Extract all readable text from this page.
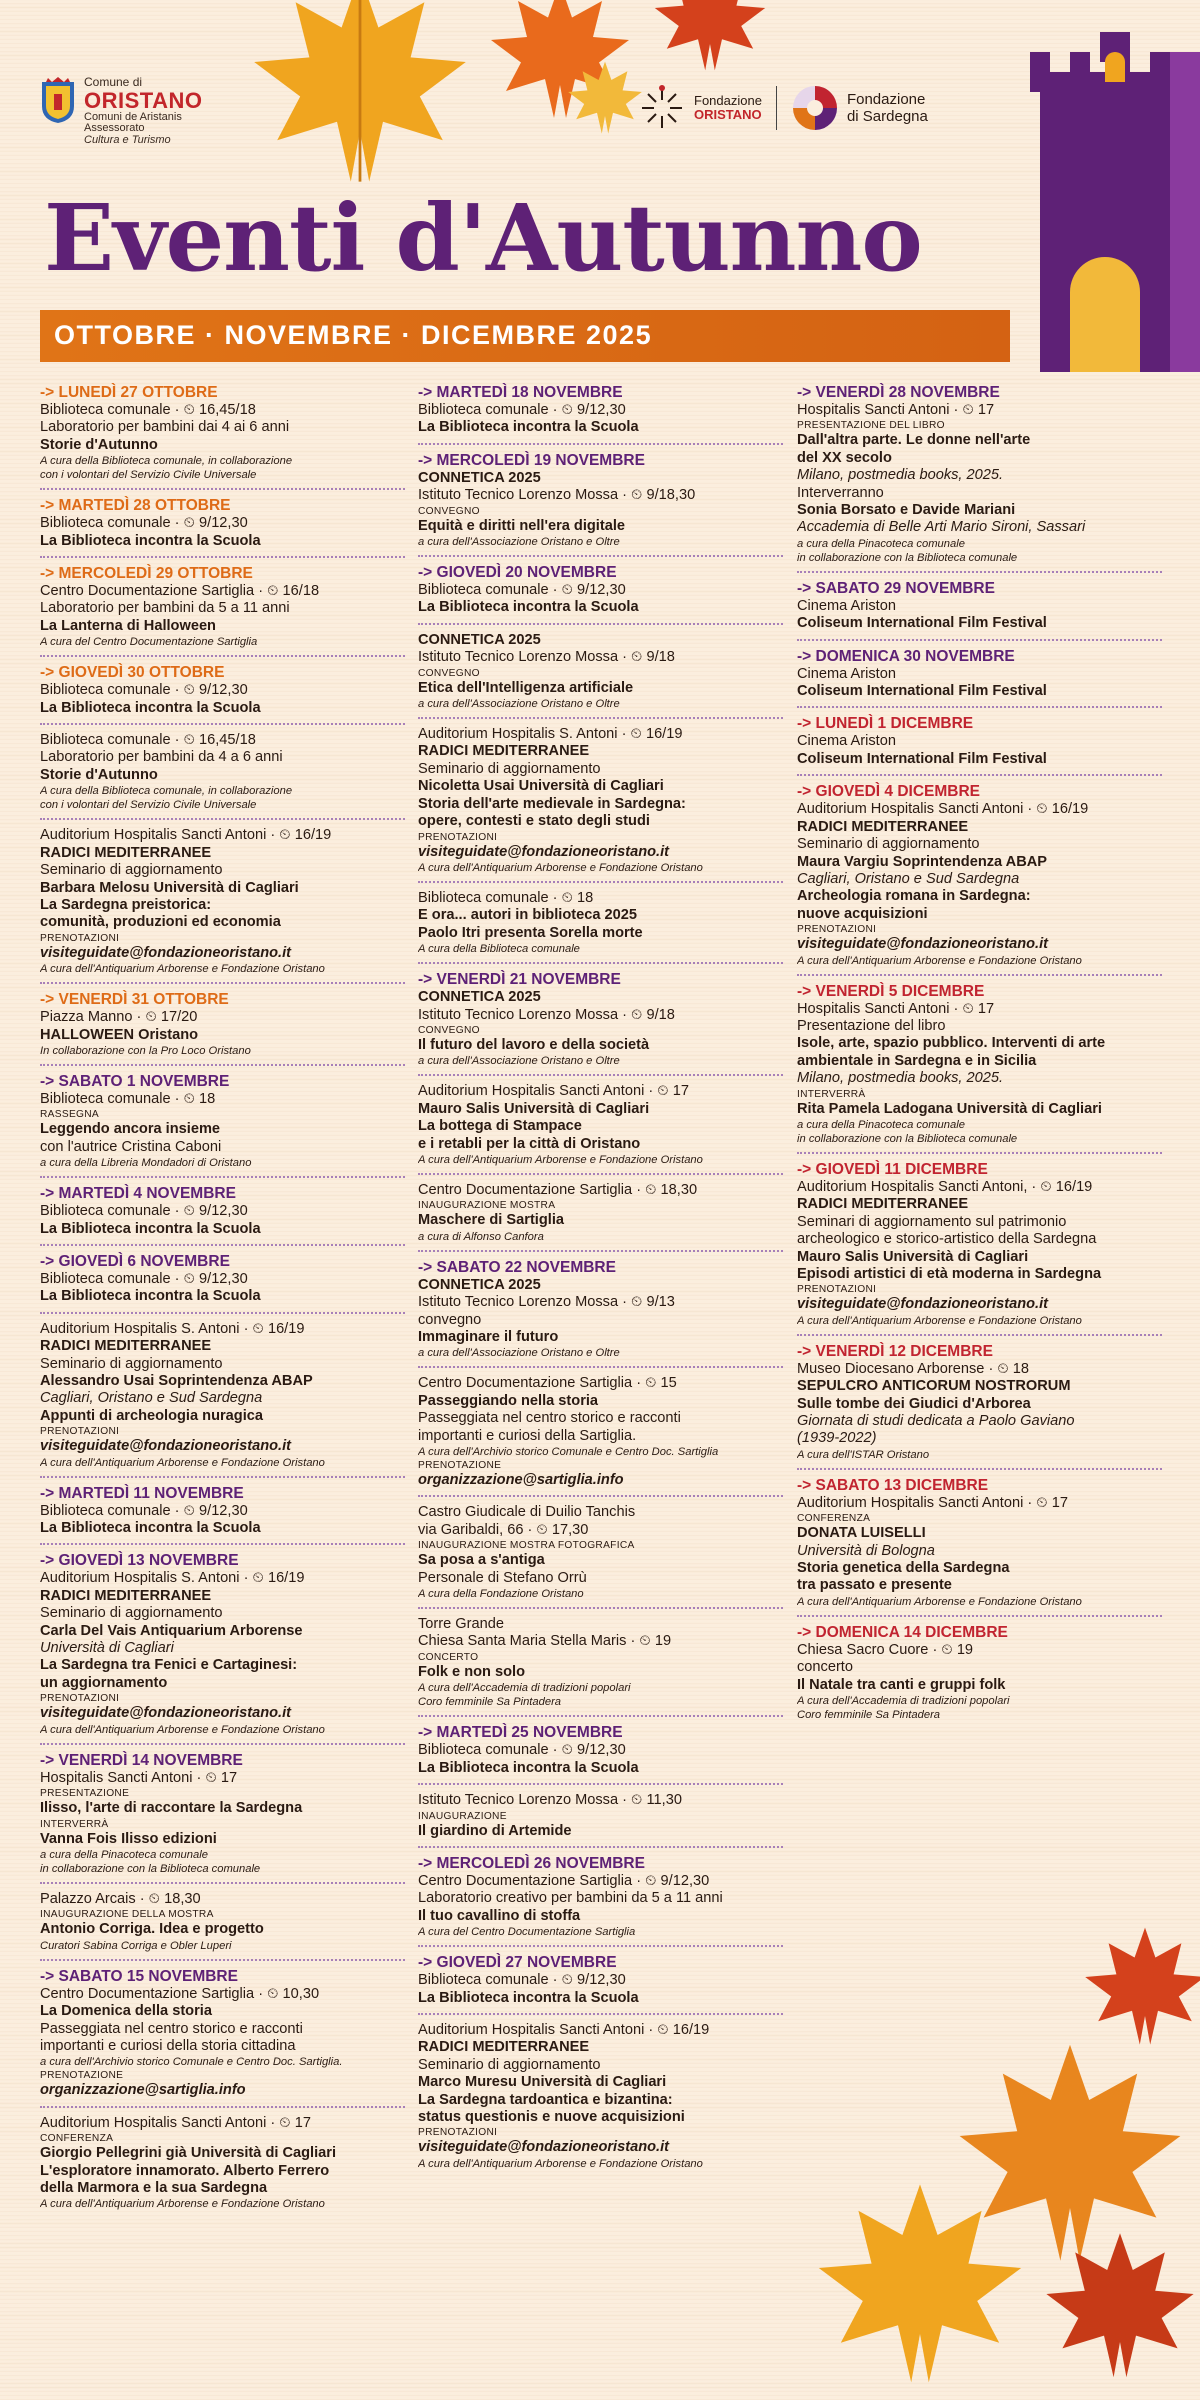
Comune di
ORISTANO
Comuni de Aristanis
Assessorato
Cultura e Turismo
Fondazione
ORISTANO
Fondazione
di Sardegna
Eventi d'Autunno
OTTOBRE · NOVEMBRE · DICEMBRE 2025
-> LUNEDÌ 27 OTTOBRE
Biblioteca comunale · ⏲ 16,45/18
Laboratorio per bambini dai 4 ai 6 anni
Storie d'Autunno
A cura della Biblioteca comunale, in collaborazione
con i volontari del Servizio Civile Universale
-> MARTEDÌ 28 OTTOBRE
Biblioteca comunale · ⏲ 9/12,30
La Biblioteca incontra la Scuola
-> MERCOLEDÌ 29 OTTOBRE
Centro Documentazione Sartiglia · ⏲ 16/18
Laboratorio per bambini da 5 a 11 anni
La Lanterna di Halloween
A cura del Centro Documentazione Sartiglia
-> GIOVEDÌ 30 OTTOBRE
Biblioteca comunale · ⏲ 9/12,30
La Biblioteca incontra la Scuola
Biblioteca comunale · ⏲ 16,45/18
Laboratorio per bambini da 4 a 6 anni
Storie d'Autunno
A cura della Biblioteca comunale, in collaborazione
con i volontari del Servizio Civile Universale
Auditorium Hospitalis Sancti Antoni · ⏲ 16/19
RADICI MEDITERRANEE
Seminario di aggiornamento
Barbara Melosu Università di Cagliari
La Sardegna preistorica:
comunità, produzioni ed economia
PRENOTAZIONI
visiteguidate@fondazioneoristano.it
A cura dell'Antiquarium Arborense e Fondazione Oristano
-> VENERDÌ 31 OTTOBRE
Piazza Manno · ⏲ 17/20
HALLOWEEN Oristano
In collaborazione con la Pro Loco Oristano
-> SABATO 1 NOVEMBRE
Biblioteca comunale · ⏲ 18
RASSEGNA
Leggendo ancora insieme
con l'autrice Cristina Caboni
a cura della Libreria Mondadori di Oristano
-> MARTEDÌ 4 NOVEMBRE
Biblioteca comunale · ⏲ 9/12,30
La Biblioteca incontra la Scuola
-> GIOVEDÌ 6 NOVEMBRE
Biblioteca comunale · ⏲ 9/12,30
La Biblioteca incontra la Scuola
Auditorium Hospitalis S. Antoni · ⏲ 16/19
RADICI MEDITERRANEE
Seminario di aggiornamento
Alessandro Usai Soprintendenza ABAP
Cagliari, Oristano e Sud Sardegna
Appunti di archeologia nuragica
PRENOTAZIONI
visiteguidate@fondazioneoristano.it
A cura dell'Antiquarium Arborense e Fondazione Oristano
-> MARTEDÌ 11 NOVEMBRE
Biblioteca comunale · ⏲ 9/12,30
La Biblioteca incontra la Scuola
-> GIOVEDÌ 13 NOVEMBRE
Auditorium Hospitalis S. Antoni · ⏲ 16/19
RADICI MEDITERRANEE
Seminario di aggiornamento
Carla Del Vais Antiquarium Arborense
Università di Cagliari
La Sardegna tra Fenici e Cartaginesi:
un aggiornamento
PRENOTAZIONI
visiteguidate@fondazioneoristano.it
A cura dell'Antiquarium Arborense e Fondazione Oristano
-> VENERDÌ 14 NOVEMBRE
Hospitalis Sancti Antoni · ⏲ 17
PRESENTAZIONE
Ilisso, l'arte di raccontare la Sardegna
INTERVERRÀ
Vanna Fois Ilisso edizioni
a cura della Pinacoteca comunale
in collaborazione con la Biblioteca comunale
Palazzo Arcais · ⏲ 18,30
INAUGURAZIONE DELLA MOSTRA
Antonio Corriga. Idea e progetto
Curatori Sabina Corriga e Obler Luperi
-> SABATO 15 NOVEMBRE
Centro Documentazione Sartiglia · ⏲ 10,30
La Domenica della storia
Passeggiata nel centro storico e racconti
importanti e curiosi della storia cittadina
a cura dell'Archivio storico Comunale e Centro Doc. Sartiglia.
PRENOTAZIONE
organizzazione@sartiglia.info
Auditorium Hospitalis Sancti Antoni · ⏲ 17
CONFERENZA
Giorgio Pellegrini già Università di Cagliari
L'esploratore innamorato. Alberto Ferrero
della Marmora e la sua Sardegna
A cura dell'Antiquarium Arborense e Fondazione Oristano
-> MARTEDÌ 18 NOVEMBRE
Biblioteca comunale · ⏲ 9/12,30
La Biblioteca incontra la Scuola
-> MERCOLEDÌ 19 NOVEMBRE
CONNETICA 2025
Istituto Tecnico Lorenzo Mossa · ⏲ 9/18,30
CONVEGNO
Equità e diritti nell'era digitale
a cura dell'Associazione Oristano e Oltre
-> GIOVEDÌ 20 NOVEMBRE
Biblioteca comunale · ⏲ 9/12,30
La Biblioteca incontra la Scuola
CONNETICA 2025
Istituto Tecnico Lorenzo Mossa · ⏲ 9/18
CONVEGNO
Etica dell'Intelligenza artificiale
a cura dell'Associazione Oristano e Oltre
Auditorium Hospitalis S. Antoni · ⏲ 16/19
RADICI MEDITERRANEE
Seminario di aggiornamento
Nicoletta Usai Università di Cagliari
Storia dell'arte medievale in Sardegna:
opere, contesti e stato degli studi
PRENOTAZIONI
visiteguidate@fondazioneoristano.it
A cura dell'Antiquarium Arborense e Fondazione Oristano
Biblioteca comunale · ⏲ 18
E ora... autori in biblioteca 2025
Paolo Itri presenta Sorella morte
A cura della Biblioteca comunale
-> VENERDÌ 21 NOVEMBRE
CONNETICA 2025
Istituto Tecnico Lorenzo Mossa · ⏲ 9/18
CONVEGNO
Il futuro del lavoro e della società
a cura dell'Associazione Oristano e Oltre
Auditorium Hospitalis Sancti Antoni · ⏲ 17
Mauro Salis Università di Cagliari
La bottega di Stampace
e i retabli per la città di Oristano
A cura dell'Antiquarium Arborense e Fondazione Oristano
Centro Documentazione Sartiglia · ⏲ 18,30
INAUGURAZIONE MOSTRA
Maschere di Sartiglia
a cura di Alfonso Canfora
-> SABATO 22 NOVEMBRE
CONNETICA 2025
Istituto Tecnico Lorenzo Mossa · ⏲ 9/13
convegno
Immaginare il futuro
a cura dell'Associazione Oristano e Oltre
Centro Documentazione Sartiglia · ⏲ 15
Passeggiando nella storia
Passeggiata nel centro storico e racconti
importanti e curiosi della Sartiglia.
A cura dell'Archivio storico Comunale e Centro Doc. Sartiglia
PRENOTAZIONE
organizzazione@sartiglia.info
Castro Giudicale di Duilio Tanchis
via Garibaldi, 66 · ⏲ 17,30
INAUGURAZIONE MOSTRA FOTOGRAFICA
Sa posa a s'antiga
Personale di Stefano Orrù
A cura della Fondazione Oristano
Torre Grande
Chiesa Santa Maria Stella Maris · ⏲ 19
CONCERTO
Folk e non solo
A cura dell'Accademia di tradizioni popolari
Coro femminile Sa Pintadera
-> MARTEDÌ 25 NOVEMBRE
Biblioteca comunale · ⏲ 9/12,30
La Biblioteca incontra la Scuola
Istituto Tecnico Lorenzo Mossa · ⏲ 11,30
INAUGURAZIONE
Il giardino di Artemide
-> MERCOLEDÌ 26 NOVEMBRE
Centro Documentazione Sartiglia · ⏲ 9/12,30
Laboratorio creativo per bambini da 5 a 11 anni
Il tuo cavallino di stoffa
A cura del Centro Documentazione Sartiglia
-> GIOVEDÌ 27 NOVEMBRE
Biblioteca comunale · ⏲ 9/12,30
La Biblioteca incontra la Scuola
Auditorium Hospitalis Sancti Antoni · ⏲ 16/19
RADICI MEDITERRANEE
Seminario di aggiornamento
Marco Muresu Università di Cagliari
La Sardegna tardoantica e bizantina:
status questionis e nuove acquisizioni
PRENOTAZIONI
visiteguidate@fondazioneoristano.it
A cura dell'Antiquarium Arborense e Fondazione Oristano
-> VENERDÌ 28 NOVEMBRE
Hospitalis Sancti Antoni · ⏲ 17
PRESENTAZIONE DEL LIBRO
Dall'altra parte. Le donne nell'arte
del XX secolo
Milano, postmedia books, 2025.
Interverranno
Sonia Borsato e Davide Mariani
Accademia di Belle Arti Mario Sironi, Sassari
a cura della Pinacoteca comunale
in collaborazione con la Biblioteca comunale
-> SABATO 29 NOVEMBRE
Cinema Ariston
Coliseum International Film Festival
-> DOMENICA 30 NOVEMBRE
Cinema Ariston
Coliseum International Film Festival
-> LUNEDÌ 1 DICEMBRE
Cinema Ariston
Coliseum International Film Festival
-> GIOVEDÌ 4 DICEMBRE
Auditorium Hospitalis Sancti Antoni · ⏲ 16/19
RADICI MEDITERRANEE
Seminario di aggiornamento
Maura Vargiu Soprintendenza ABAP
Cagliari, Oristano e Sud Sardegna
Archeologia romana in Sardegna:
nuove acquisizioni
PRENOTAZIONI
visiteguidate@fondazioneoristano.it
A cura dell'Antiquarium Arborense e Fondazione Oristano
-> VENERDÌ 5 DICEMBRE
Hospitalis Sancti Antoni · ⏲ 17
Presentazione del libro
Isole, arte, spazio pubblico. Interventi di arte
ambientale in Sardegna e in Sicilia
Milano, postmedia books, 2025.
INTERVERRÀ
Rita Pamela Ladogana Università di Cagliari
a cura della Pinacoteca comunale
in collaborazione con la Biblioteca comunale
-> GIOVEDÌ 11 DICEMBRE
Auditorium Hospitalis Sancti Antoni, · ⏲ 16/19
RADICI MEDITERRANEE
Seminari di aggiornamento sul patrimonio
archeologico e storico-artistico della Sardegna
Mauro Salis Università di Cagliari
Episodi artistici di età moderna in Sardegna
PRENOTAZIONI
visiteguidate@fondazioneoristano.it
A cura dell'Antiquarium Arborense e Fondazione Oristano
-> VENERDÌ 12 DICEMBRE
Museo Diocesano Arborense · ⏲ 18
SEPULCRO ANTICORUM NOSTRORUM
Sulle tombe dei Giudici d'Arborea
Giornata di studi dedicata a Paolo Gaviano
(1939-2022)
A cura dell'ISTAR Oristano
-> SABATO 13 DICEMBRE
Auditorium Hospitalis Sancti Antoni · ⏲ 17
CONFERENZA
DONATA LUISELLI
Università di Bologna
Storia genetica della Sardegna
tra passato e presente
A cura dell'Antiquarium Arborense e Fondazione Oristano
-> DOMENICA 14 DICEMBRE
Chiesa Sacro Cuore · ⏲ 19
concerto
Il Natale tra canti e gruppi folk
A cura dell'Accademia di tradizioni popolari
Coro femminile Sa Pintadera
